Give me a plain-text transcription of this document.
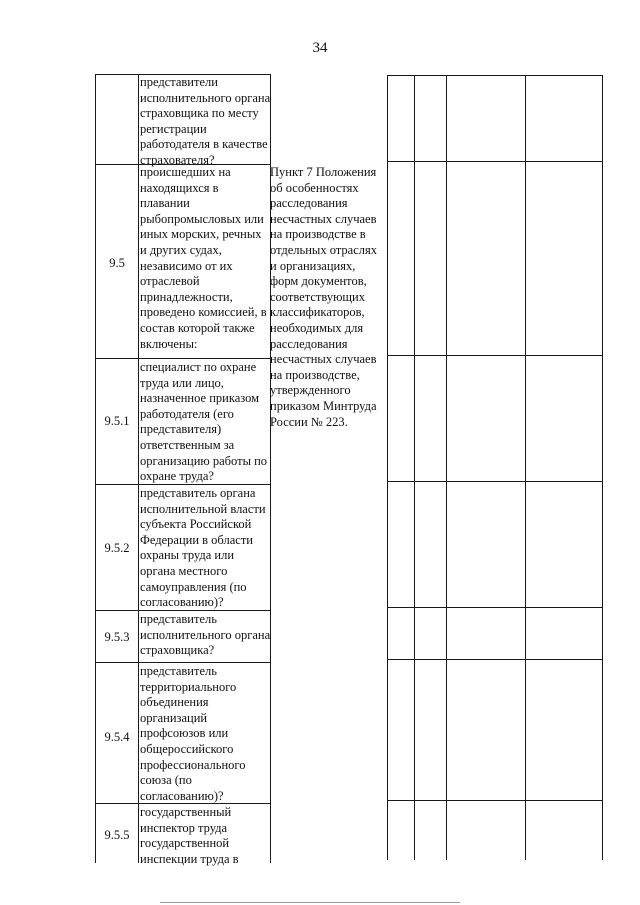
34
представители
исполнительного органа
страховщика по месту
регистрации
работодателя в качестве
страхователя?
9.5
происшедших на
находящихся в
плавании
рыбопромысловых или
иных морских, речных
и других судах,
независимо от их
отраслевой
принадлежности,
проведено комиссией, в
состав которой также
включены:
9.5.1
специалист по охране
труда или лицо,
назначенное приказом
работодателя (его
представителя)
ответственным за
организацию работы по
охране труда?
9.5.2
представитель органа
исполнительной власти
субъекта Российской
Федерации в области
охраны труда или
органа местного
самоуправления (по
согласованию)?
9.5.3
представитель
исполнительного органа
страховщика?
9.5.4
представитель
территориального
объединения
организаций
профсоюзов или
общероссийского
профессионального
союза (по
согласованию)?
9.5.5
государственный
инспектор труда
государственной
инспекции труда в
Пункт 7 Положения
об особенностях
расследования
несчастных случаев
на производстве в
отдельных отраслях
и организациях,
форм документов,
соответствующих
классификаторов,
необходимых для
расследования
несчастных случаев
на производстве,
утвержденного
приказом Минтруда
России № 223.
